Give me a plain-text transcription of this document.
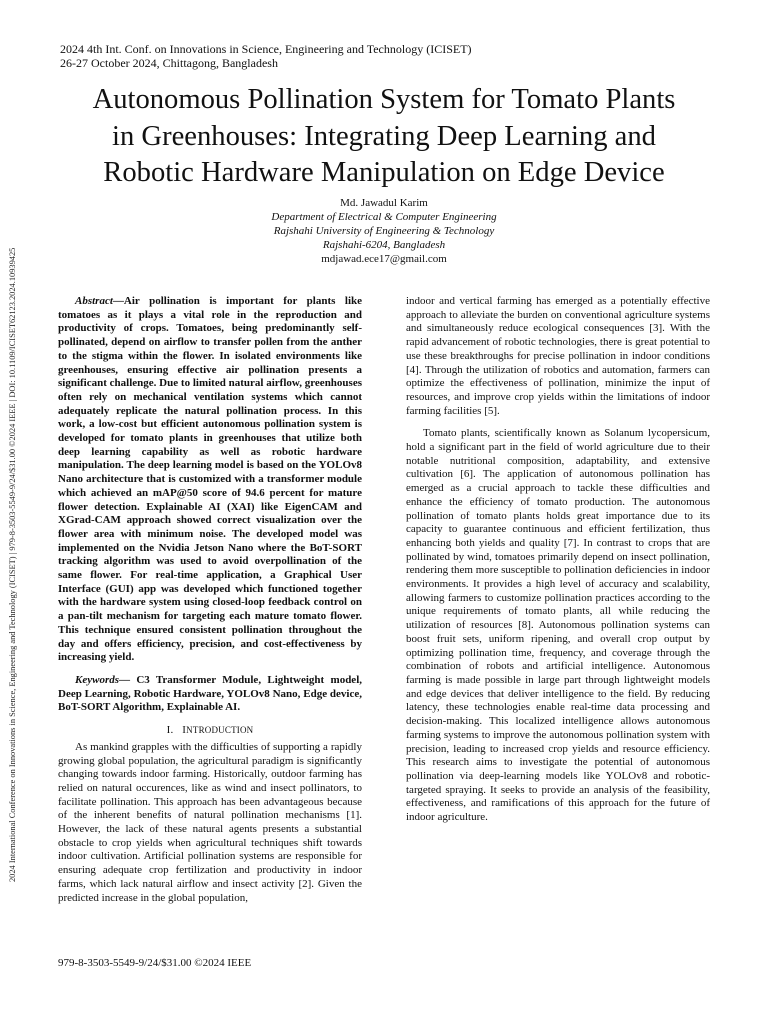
2024 4th Int. Conf. on Innovations in Science, Engineering and Technology (ICISET)
26-27 October 2024, Chittagong, Bangladesh
2024 International Conference on Innovations in Science, Engineering and Technology (ICISET) | 979-8-3503-5549-9/24/$31.00 ©2024 IEEE | DOI: 10.1109/ICISET62123.2024.10939425
Autonomous Pollination System for Tomato Plants
in Greenhouses: Integrating Deep Learning and
Robotic Hardware Manipulation on Edge Device
Md. Jawadul Karim
Department of Electrical & Computer Engineering
Rajshahi University of Engineering & Technology
Rajshahi-6204, Bangladesh
mdjawad.ece17@gmail.com

Abstract—Air pollination is important for plants like tomatoes as it plays a vital role in the reproduction and productivity of crops. Tomatoes, being predominantly self-pollinated, depend on airflow to transfer pollen from the anther to the stigma within the flower. In isolated environments like greenhouses, ensuring effective air pollination presents a significant challenge. Due to limited natural airflow, greenhouses often rely on mechanical ventilation systems which cannot adequately replicate the natural pollination process. In this work, a low-cost but efficient autonomous pollination system is developed for tomato plants in greenhouses that utilize both deep learning capability as well as robotic hardware manipulation. The deep learning model is based on the YOLOv8 Nano architecture that is customized with a transformer module which achieved an mAP@50 score of 94.6 percent for mature flower detection. Explainable AI (XAI) like EigenCAM and XGrad-CAM approach showed correct visualization over the flower area with minimum noise. The developed model was implemented on the Nvidia Jetson Nano where the BoT-SORT tracking algorithm was used to avoid overpollination of the same flower. For real-time application, a Graphical User Interface (GUI) app was developed which functioned together with the hardware system using closed-loop feedback control on a pan-tilt mechanism for targeting each mature tomato flower. This technique ensured consistent pollination throughout the day and offers efficiency, precision, and cost-effectiveness by increasing yield.

Keywords— C3 Transformer Module, Lightweight model, Deep Learning, Robotic Hardware, YOLOv8 Nano, Edge device, BoT-SORT Algorithm, Explainable AI.

I. INTRODUCTION

As mankind grapples with the difficulties of supporting a rapidly growing global population, the agricultural paradigm is significantly changing towards indoor farming. Historically, outdoor farming has relied on natural occurences, like as wind and insect pollinators, to facilitate pollination. This approach has been advantageous because of the inherent benefits of natural pollination mechanisms [1]. However, the lack of these natural agents presents a substantial obstacle to crop yields when agricultural techniques shift towards indoor cultivation. Artificial pollination systems are responsible for ensuring adequate crop fertilization and productivity in indoor farms, which lack natural airflow and insect activity [2]. Given the predicted increase in the global population,

indoor and vertical farming has emerged as a potentially effective approach to alleviate the burden on conventional agriculture systems and simultaneously reduce ecological consequences [3]. With the rapid advancement of robotic technologies, there is great potential to use these breakthroughs for precise pollination in indoor conditions [4]. Through the utilization of robotics and automation, farmers can optimize the effectiveness of pollination, minimize the input of resources, and improve crop yields within the limitations of indoor farming facilities [5].

Tomato plants, scientifically known as Solanum lycopersicum, hold a significant part in the field of world agriculture due to their notable nutritional composition, adaptability, and extensive cultivation [6]. The application of autonomous pollination has emerged as a crucial approach to tackle these difficulties and enhance the efficiency of tomato production. The autonomous pollination of tomato plants holds great importance due to its capacity to guarantee continuous and efficient fertilization, thus enhancing both yields and quality [7]. In contrast to crops that are pollinated by wind, tomatoes primarily depend on insect pollination, rendering them more susceptible to pollination deficiencies in indoor environments. It provides a high level of accuracy and scalability, allowing farmers to customize pollination practices according to the unique requirements of tomato plants, all while reducing the utilization of resources [8]. Autonomous pollination systems can boost fruit sets, uniform ripening, and overall crop output by optimizing pollination time, frequency, and coverage through the combination of robots and artificial intelligence. Autonomous farming is made possible in large part through lightweight models and edge devices that deliver intelligence to the field. By reducing latency, these technologies enable real-time data processing and decision-making. This localized intelligence allows autonomous farming systems to improve the autonomous pollination system with precision, leading to increased crop yields and resource efficiency. This research aims to investigate the potential of autonomous pollination via deep-learning models like YOLOv8 and robotic-targeted spraying. It seeks to provide an analysis of the feasibility, effectiveness, and ramifications of this approach for the future of indoor agriculture.

979-8-3503-5549-9/24/$31.00 ©2024 IEEE
